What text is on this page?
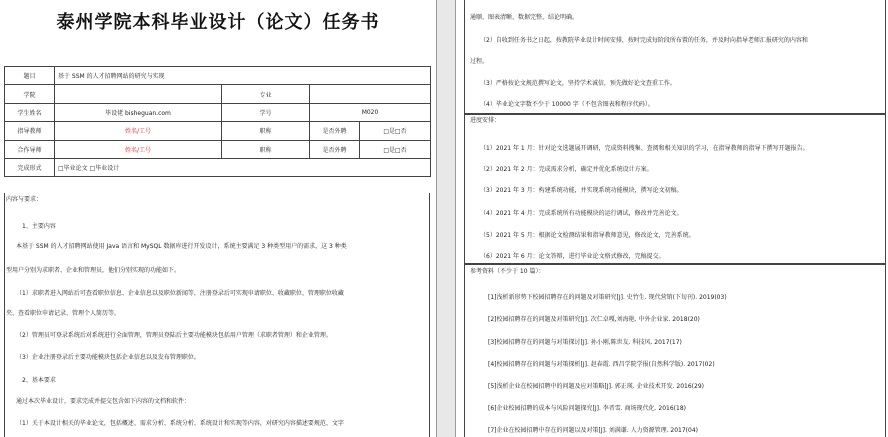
泰州学院本科毕业设计（论文）任务书
题目	基于 SSM 的人才招聘网站的研究与实现			
学院		专业		
学生姓名	毕设佬 bisheguan.com	学号	M020	
指导教师	姓名/工号	职称	是否外聘	□是□否
合作导师	姓名/工号	职称	是否外聘	□是□否
完成形式	□毕业论文 □毕业设计			
内容与要求：
1、主要内容
本基于 SSM 的人才招聘网站使用 Java 语言和 MySQL 数据库进行开发设计，系统主要满足 3 种类型用户的需求，这 3 种类
型用户分别为求职者、企业和管理员，他们分别实现的功能如下。
（1）求职者进入网站后可查看职位信息、企业信息以及职位新闻等，注册登录后可实现申请职位、收藏职位、管理职位收藏
夹、查看职位申请记录、管理个人简历等。
（2）管理员可登录系统后对系统进行全面管理，管理员登陆后主要功能模块包括用户管理（求职者管理）和企业管理。
（3）企业注册登录后主要功能模块包括企业信息以及发布管理职位。
2、基本要求
通过本次毕业设计，要求完成并提交包含如下内容的文档和软件：
（1）关于本设计相关的毕业论文，包括概述、需求分析、系统分析、系统设计和实现等内容，对研究内容描述要规范、文字
通顺、图表清晰、数据完整、结论明确。
（2）自收到任务书之日起，按教院毕业设计时间安排，按时完成每阶段所布置的任务，并及时向指导老师汇报研究的内容和
过程。
（3）严格按论文规范撰写论文，坚持学术诚信，预先做好论文查重工作。
（4）毕业论文字数不少于 10000 字（不包含图表和程序代码）。
进度安排：
（1）2021 年 1 月：针对论文选题展开调研，完成资料搜集、查阅和相关知识的学习，在指导教师的指导下撰写开题报告。
（2）2021 年 2 月：完成需求分析，确定并优化系统设计方案。
（3）2021 年 3 月：构建系统功能，并实现系统功能模块，撰写论文初稿。
（4）2021 年 4 月：完成系统所有功能模块的运行调试，修改并完善论文。
（5）2021 年 5 月：根据论文检测结果和指导教师意见，修改论文，完善系统。
（6）2021 年 6 月：论文答辩，进行毕业论文格式修改，完稿提交。
参考资料（不少于 10 篇）：
[1]浅析新形势下校园招聘存在的问题及对策研究[J]. 史竹生. 现代营销(下旬刊). 2019(03)
[2]校园招聘存在的问题及对策研究[J]. 次仁卓嘎,刘海艳. 中外企业家. 2018(20)
[3]校园招聘存在的问题与对策探讨[J]. 孙小刚,陈世友. 科技风. 2017(17)
[4]校园招聘存在的问题与对策探析[J]. 赵春霞. 西昌学院学报(自然科学版). 2017(02)
[5]浅析企业在校园招聘中的问题及应对策略[J]. 郭正瑛. 企业技术开发. 2016(29)
[6]企业校园招聘的成本与风险问题探究[J]. 李晋雪. 商场现代化. 2016(18)
[7]企业在校园招聘中存在的问题以及对策[J]. 刘满谦. 人力资源管理. 2017(04)
